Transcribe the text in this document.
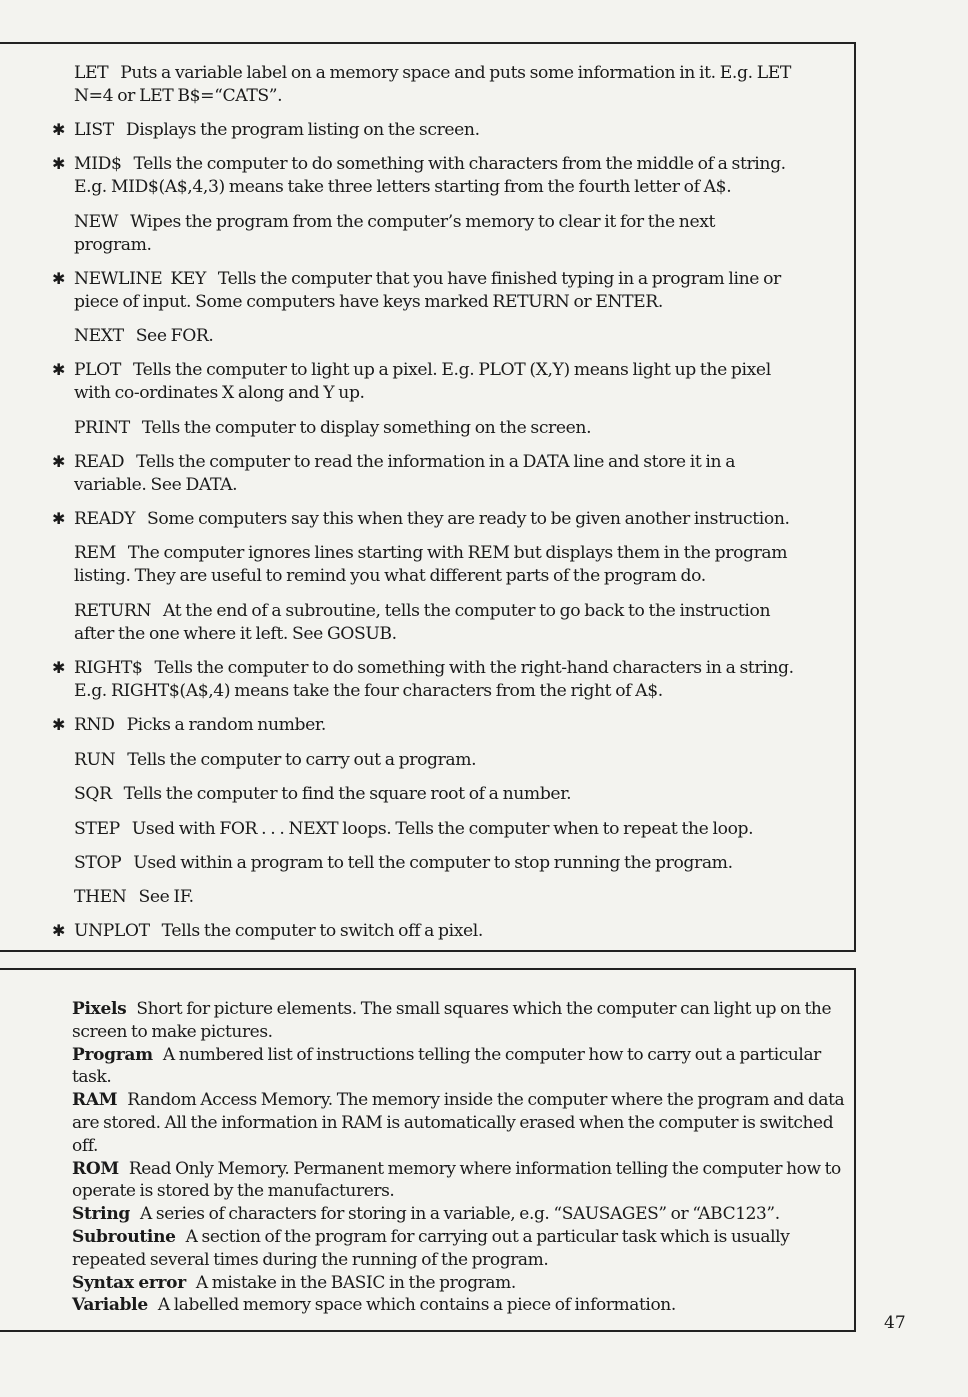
LET Puts a variable label on a memory space and puts some information in it. E.g. LET
N=4 or LET B$=“CATS”.
✱ LIST Displays the program listing on the screen.
✱ MID$ Tells the computer to do something with characters from the middle of a string.
E.g. MID$(A$,4,3) means take three letters starting from the fourth letter of A$.
NEW Wipes the program from the computer’s memory to clear it for the next
program.
✱ NEWLINE  KEY Tells the computer that you have finished typing in a program line or
piece of input. Some computers have keys marked RETURN or ENTER.
NEXT See FOR.
✱ PLOT Tells the computer to light up a pixel. E.g. PLOT (X,Y) means light up the pixel
with co-ordinates X along and Y up.
PRINT Tells the computer to display something on the screen.
✱ READ Tells the computer to read the information in a DATA line and store it in a
variable. See DATA.
✱ READY Some computers say this when they are ready to be given another instruction.
REM The computer ignores lines starting with REM but displays them in the program
listing. They are useful to remind you what different parts of the program do.
RETURN At the end of a subroutine, tells the computer to go back to the instruction
after the one where it left. See GOSUB.
✱ RIGHT$ Tells the computer to do something with the right-hand characters in a string.
E.g. RIGHT$(A$,4) means take the four characters from the right of A$.
✱ RND Picks a random number.
RUN Tells the computer to carry out a program.
SQR Tells the computer to find the square root of a number.
STEP Used with FOR . . . NEXT loops. Tells the computer when to repeat the loop.
STOP Used within a program to tell the computer to stop running the program.
THEN See IF.
✱ UNPLOT Tells the computer to switch off a pixel.
Pixels Short for picture elements. The small squares which the computer can light up on the screen to make pictures.
Program A numbered list of instructions telling the computer how to carry out a particular task.
RAM Random Access Memory. The memory inside the computer where the program and data are stored. All the information in RAM is automatically erased when the computer is switched off.
ROM Read Only Memory. Permanent memory where information telling the computer how to operate is stored by the manufacturers.
String A series of characters for storing in a variable, e.g. “SAUSAGES” or “ABC123”.
Subroutine A section of the program for carrying out a particular task which is usually repeated several times during the running of the program.
Syntax error A mistake in the BASIC in the program.
Variable A labelled memory space which contains a piece of information.
47
